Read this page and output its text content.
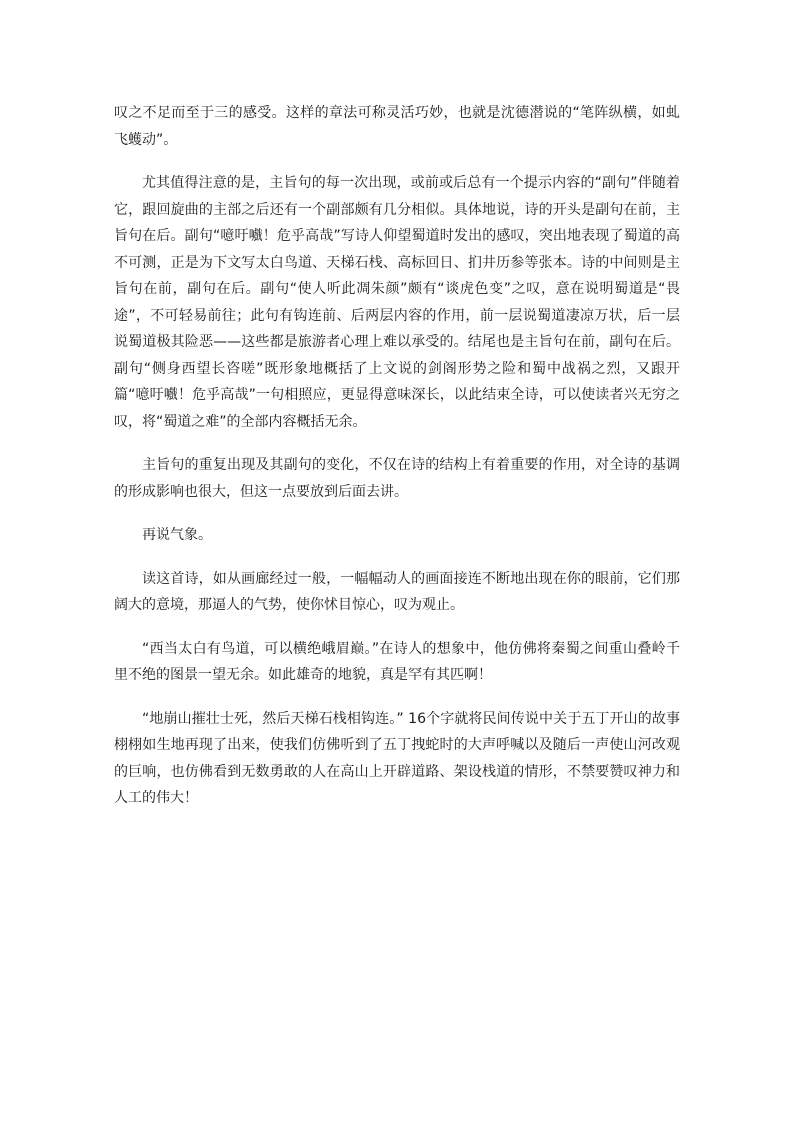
叹之不足而至于三的感受。这样的章法可称灵活巧妙，也就是沈德潜说的“笔阵纵横，如虬飞蠖动”。

尤其值得注意的是，主旨句的每一次出现，或前或后总有一个提示内容的“副句”伴随着它，跟回旋曲的主部之后还有一个副部颇有几分相似。具体地说，诗的开头是副句在前，主旨句在后。副句“噫吁嚱！危乎高哉”写诗人仰望蜀道时发出的感叹，突出地表现了蜀道的高不可测，正是为下文写太白鸟道、天梯石栈、高标回日、扪井历参等张本。诗的中间则是主旨句在前，副句在后。副句“使人听此凋朱颜”颇有“谈虎色变”之叹，意在说明蜀道是“畏途”，不可轻易前往；此句有钩连前、后两层内容的作用，前一层说蜀道凄凉万状，后一层说蜀道极其险恶——这些都是旅游者心理上难以承受的。结尾也是主旨句在前，副句在后。副句“侧身西望长咨嗟”既形象地概括了上文说的剑阁形势之险和蜀中战祸之烈，又跟开篇“噫吁嚱！危乎高哉”一句相照应，更显得意味深长，以此结束全诗，可以使读者兴无穷之叹，将“蜀道之难”的全部内容概括无余。

主旨句的重复出现及其副句的变化，不仅在诗的结构上有着重要的作用，对全诗的基调的形成影响也很大，但这一点要放到后面去讲。

再说气象。

读这首诗，如从画廊经过一般，一幅幅动人的画面接连不断地出现在你的眼前，它们那阔大的意境，那逼人的气势，使你怵目惊心，叹为观止。

“西当太白有鸟道，可以横绝峨眉巅。”在诗人的想象中，他仿佛将秦蜀之间重山叠岭千里不绝的图景一望无余。如此雄奇的地貌，真是罕有其匹啊！

“地崩山摧壮士死，然后天梯石栈相钩连。” 16个字就将民间传说中关于五丁开山的故事栩栩如生地再现了出来，使我们仿佛听到了五丁拽蛇时的大声呼喊以及随后一声使山河改观的巨响，也仿佛看到无数勇敢的人在高山上开辟道路、架设栈道的情形，不禁要赞叹神力和人工的伟大！
